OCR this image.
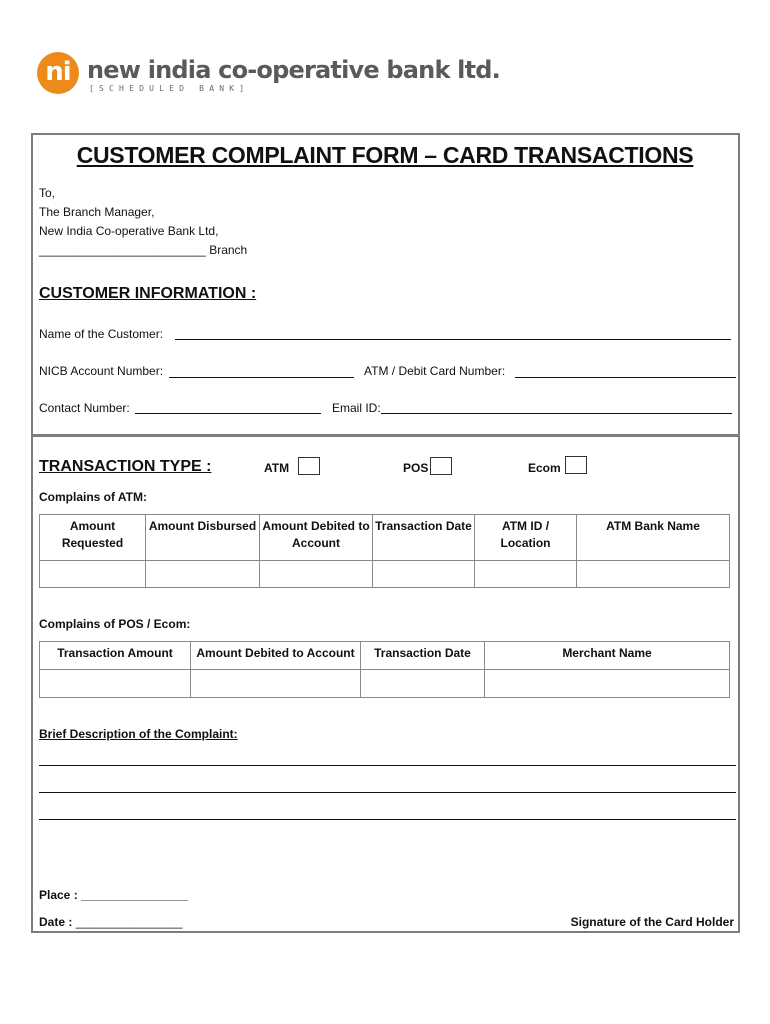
ni new india co-operative bank ltd.
[SCHEDULED BANK]
CUSTOMER COMPLAINT FORM – CARD TRANSACTIONS
To,
The Branch Manager,
New India Co-operative Bank Ltd,
_________________________ Branch
CUSTOMER INFORMATION :
Name of the Customer:
NICB Account Number:	ATM / Debit Card Number:
Contact Number:	Email ID:
TRANSACTION TYPE :	ATM	POS	Ecom
Complains of ATM:
Amount Requested	Amount Disbursed	Amount Debited to Account	Transaction Date	ATM ID / Location	ATM Bank Name

Complains of POS / Ecom:
Transaction Amount	Amount Debited to Account	Transaction Date	Merchant Name

Brief Description of the Complaint:
Place : ________________
Date : ________________	Signature of the Card Holder
